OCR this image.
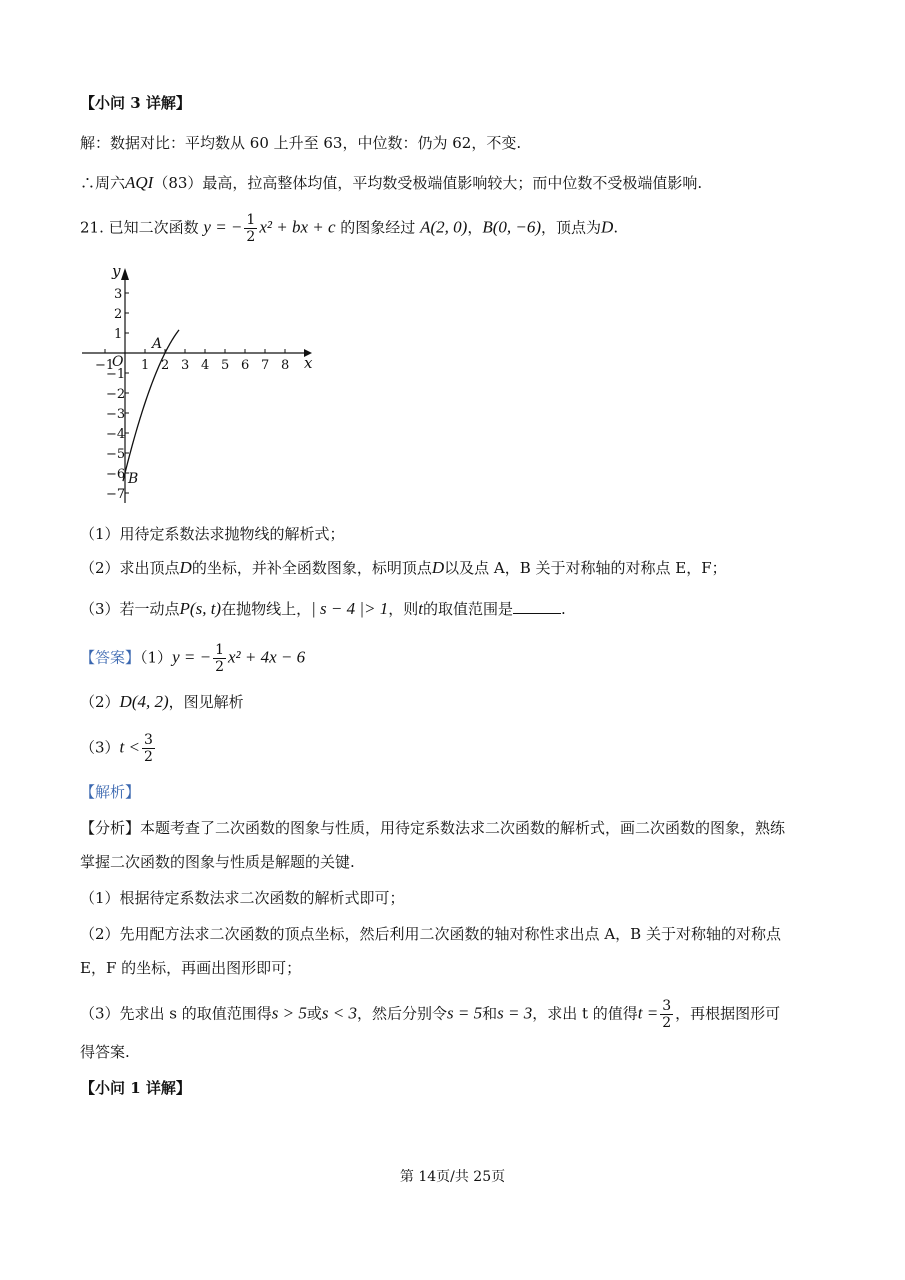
【小问 3 详解】
解：数据对比：平均数从 60 上升至 63，中位数：仍为 62，不变.
∴周六AQI（83）最高，拉高整体均值，平均数受极端值影响较大；而中位数不受极端值影响.
21. 已知二次函数 y = − $\frac{1}{2} x^2$ + bx + c 的图象经过 A(2, 0)，B(0, −6)，顶点为D.
−1 1 2 3 4 5 6 7 8
3
2
1
−1
−2
−3
−4
−5
−6
−7
x
y
O
A
B
（1）用待定系数法求抛物线的解析式；
（2）求出顶点D的坐标，并补全函数图象，标明顶点D以及点 A，B 关于对称轴的对称点 E，F；
（3）若一动点P(s, t)在抛物线上，| s − 4 |> 1，则t的取值范围是	.
【答案】（1）y = − $\frac{1}{2} x^2 + 4x - 6$
（2）D(4, 2)，图见解析
$(3)t < \frac{3}{2}$
【解析】
【分析】本题考查了二次函数的图象与性质，用待定系数法求二次函数的解析式，画二次函数的图象，熟练
掌握二次函数的图象与性质是解题的关键.
（1）根据待定系数法求二次函数的解析式即可；
（2）先用配方法求二次函数的顶点坐标，然后利用二次函数的轴对称性求出点 A，B 关于对称轴的对称点
E，F 的坐标，再画出图形即可；
（3）先求出 s 的取值范围得s > 5或s < 3，然后分别令s = 5和s = 3，求出 t 的值得$t = \frac{3}{2}$ ，再根据图形可
得答案.
【小问 1 详解】
第 14页/共 25页
